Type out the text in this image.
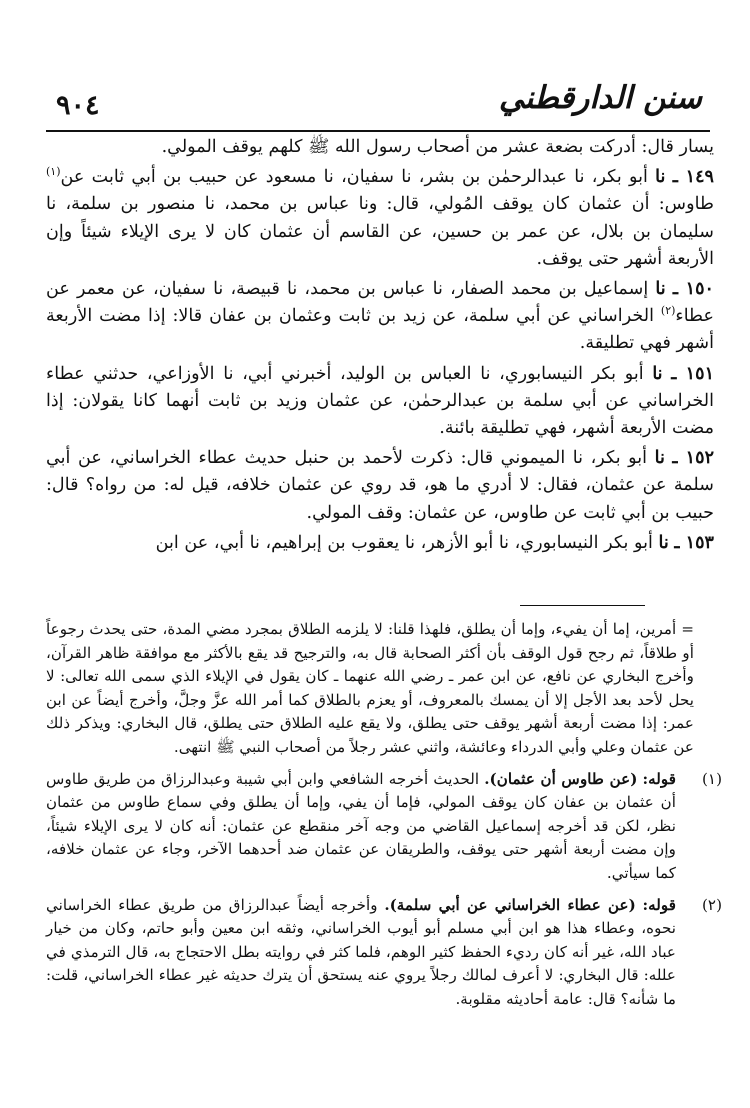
٩٠٤	سنن الدارقطني

يسار قال: أدركت بضعة عشر من أصحاب رسول الله ﷺ كلهم يوقف المولي.

١٤٩ ـ نا أبو بكر، نا عبدالرحمٰن بن بشر، نا سفيان، نا مسعود عن حبيب بن أبي ثابت عن$^{(١)}$ طاوس: أن عثمان كان يوقف المُولي، قال: ونا عباس بن محمد، نا منصور بن سلمة، نا سليمان بن بلال، عن عمر بن حسين، عن القاسم أن عثمان كان لا يرى الإيلاء شيئاً وإن الأربعة أشهر حتى يوقف.

١٥٠ ـ نا إسماعيل بن محمد الصفار، نا عباس بن محمد، نا قبيصة، نا سفيان، عن معمر عن عطاء$^{(٢)}$ الخراساني عن أبي سلمة، عن زيد بن ثابت وعثمان بن عفان قالا: إذا مضت الأربعة أشهر فهي تطليقة.

١٥١ ـ نا أبو بكر النيسابوري، نا العباس بن الوليد، أخبرني أبي، نا الأوزاعي، حدثني عطاء الخراساني عن أبي سلمة بن عبدالرحمٰن، عن عثمان وزيد بن ثابت أنهما كانا يقولان: إذا مضت الأربعة أشهر، فهي تطليقة بائنة.

١٥٢ ـ نا أبو بكر، نا الميموني قال: ذكرت لأحمد بن حنبل حديث عطاء الخراساني، عن أبي سلمة عن عثمان، فقال: لا أدري ما هو، قد روي عن عثمان خلافه، قيل له: من رواه؟ قال: حبيب بن أبي ثابت عن طاوس، عن عثمان: وقف المولي.

١٥٣ ـ نا أبو بكر النيسابوري، نا أبو الأزهر، نا يعقوب بن إبراهيم، نا أبي، عن ابن

= أمرين، إما أن يفيء، وإما أن يطلق، فلهذا قلنا: لا يلزمه الطلاق بمجرد مضي المدة، حتى يحدث رجوعاً أو طلاقاً، ثم رجح قول الوقف بأن أكثر الصحابة قال به، والترجيح قد يقع بالأكثر مع موافقة ظاهر القرآن، وأخرج البخاري عن نافع، عن ابن عمر ـ رضي الله عنهما ـ كان يقول في الإيلاء الذي سمى الله تعالى: لا يحل لأحد بعد الأجل إلا أن يمسك بالمعروف، أو يعزم بالطلاق كما أمر الله عزَّ وجلَّ، وأخرج أيضاً عن ابن عمر: إذا مضت أربعة أشهر يوقف حتى يطلق، ولا يقع عليه الطلاق حتى يطلق، قال البخاري: ويذكر ذلك عن عثمان وعلي وأبي الدرداء وعائشة، واثني عشر رجلاً من أصحاب النبي ﷺ انتهى.

(١)
قوله: (عن طاوس أن عثمان). الحديث أخرجه الشافعي وابن أبي شيبة وعبدالرزاق من طريق طاوس أن عثمان بن عفان كان يوقف المولي، فإما أن يفي، وإما أن يطلق وفي سماع طاوس من عثمان نظر، لكن قد أخرجه إسماعيل القاضي من وجه آخر منقطع عن عثمان: أنه كان لا يرى الإيلاء شيئاً، وإن مضت أربعة أشهر حتى يوقف، والطريقان عن عثمان ضد أحدهما الآخر، وجاء عن عثمان خلافه، كما سيأتي.
(٢)
قوله: (عن عطاء الخراساني عن أبي سلمة). وأخرجه أيضاً عبدالرزاق من طريق عطاء الخراساني نحوه، وعطاء هذا هو ابن أبي مسلم أبو أيوب الخراساني، وثقه ابن معين وأبو حاتم، وكان من خيار عباد الله، غير أنه كان رديء الحفظ كثير الوهم، فلما كثر في روايته بطل الاحتجاج به، قال الترمذي في علله: قال البخاري: لا أعرف لمالك رجلاً يروي عنه يستحق أن يترك حديثه غير عطاء الخراساني، قلت: ما شأنه؟ قال: عامة أحاديثه مقلوبة.
